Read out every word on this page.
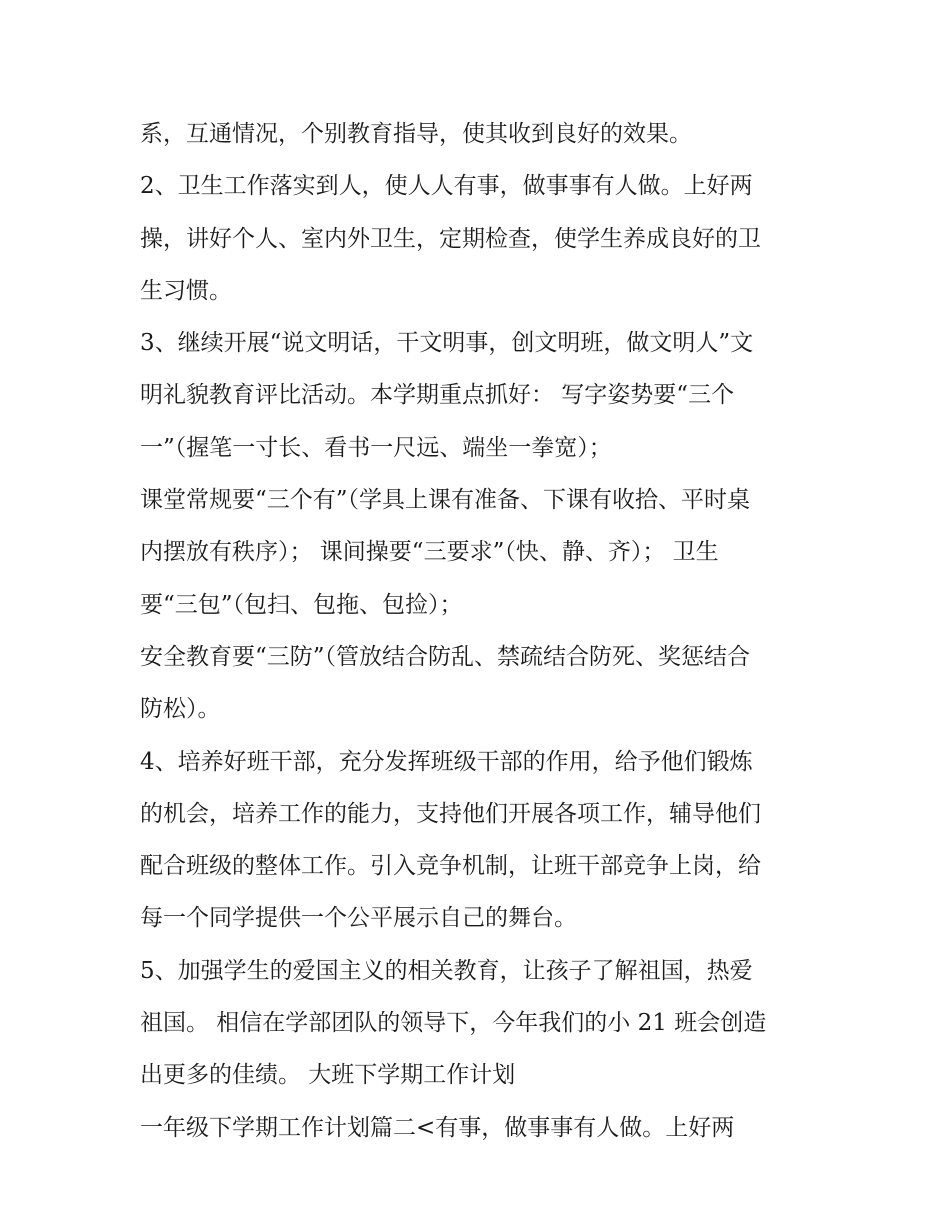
系，互通情况，个别教育指导，使其收到良好的效果。
2、卫生工作落实到人，使人人有事，做事事有人做。上好两
操，讲好个人、室内外卫生，定期检查，使学生养成良好的卫
生习惯。
3、继续开展“说文明话，干文明事，创文明班，做文明人”文
明礼貌教育评比活动。本学期重点抓好： 写字姿势要“三个
一”（握笔一寸长、看书一尺远、端坐一拳宽）；
课堂常规要“三个有”（学具上课有准备、下课有收拾、平时桌
内摆放有秩序）； 课间操要“三要求”（快、静、齐）； 卫生
要“三包”（包扫、包拖、包捡）；
安全教育要“三防”（管放结合防乱、禁疏结合防死、奖惩结合
防松）。
4、培养好班干部，充分发挥班级干部的作用，给予他们锻炼
的机会，培养工作的能力，支持他们开展各项工作，辅导他们
配合班级的整体工作。引入竞争机制，让班干部竞争上岗，给
每一个同学提供一个公平展示自己的舞台。
5、加强学生的爱国主义的相关教育，让孩子了解祖国，热爱
祖国。 相信在学部团队的领导下，今年我们的小 21 班会创造
出更多的佳绩。 大班下学期工作计划
一年级下学期工作计划篇二<有事，做事事有人做。上好两
